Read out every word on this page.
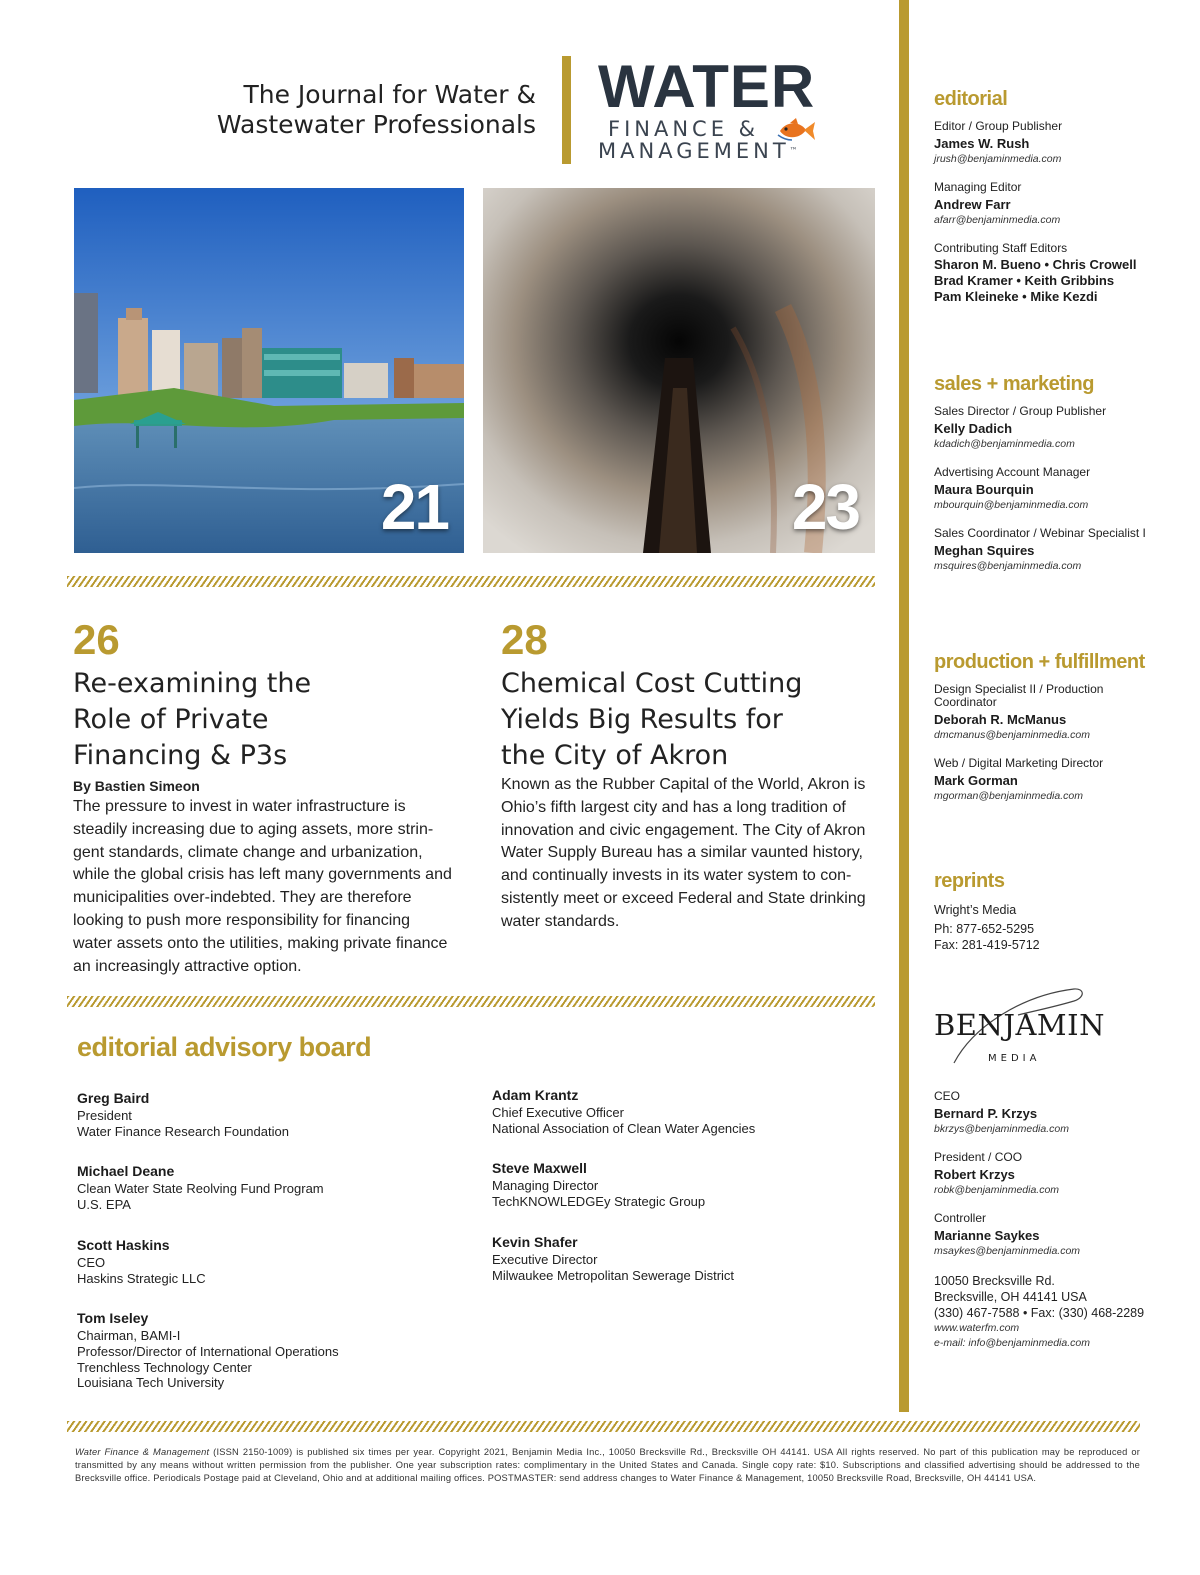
The Journal for Water &
Wastewater Professionals
WATER
FINANCE &
MANAGEMENT™
21	23
26
Re-examining the
Role of Private
Financing & P3s
By Bastien Simeon
The pressure to invest in water infrastructure is steadily increasing due to aging assets, more strin-gent standards, climate change and urbanization, while the global crisis has left many governments and municipalities over-indebted. They are therefore looking to push more responsibility for financing water assets onto the utilities, making private finance an increasingly attractive option.
28
Chemical Cost Cutting
Yields Big Results for
the City of Akron
Known as the Rubber Capital of the World, Akron is Ohio’s fifth largest city and has a long tradition of innovation and civic engagement. The City of Akron Water Supply Bureau has a similar vaunted history, and continually invests in its water system to con-sistently meet or exceed Federal and State drinking water standards.
editorial advisory board
Greg Baird
President
Water Finance Research Foundation
Michael Deane
Clean Water State Reolving Fund Program
U.S. EPA
Scott Haskins
CEO
Haskins Strategic LLC
Tom Iseley
Chairman, BAMI-I
Professor/Director of International Operations
Trenchless Technology Center
Louisiana Tech University
Adam Krantz
Chief Executive Officer
National Association of Clean Water Agencies
Steve Maxwell
Managing Director
TechKNOWLEDGEy Strategic Group
Kevin Shafer
Executive Director
Milwaukee Metropolitan Sewerage District
editorial
Editor / Group Publisher
James W. Rush
jrush@benjaminmedia.com
Managing Editor
Andrew Farr
afarr@benjaminmedia.com
Contributing Staff Editors
Sharon M. Bueno • Chris Crowell
Brad Kramer • Keith Gribbins
Pam Kleineke • Mike Kezdi
sales + marketing
Sales Director / Group Publisher
Kelly Dadich
kdadich@benjaminmedia.com
Advertising Account Manager
Maura Bourquin
mbourquin@benjaminmedia.com
Sales Coordinator / Webinar Specialist I
Meghan Squires
msquires@benjaminmedia.com
production + fulfillment
Design Specialist II / Production Coordinator
Deborah R. McManus
dmcmanus@benjaminmedia.com
Web / Digital Marketing Director
Mark Gorman
mgorman@benjaminmedia.com
reprints
Wright’s Media
Ph: 877-652-5295
Fax: 281-419-5712
BENJAMIN
MEDIA
CEO
Bernard P. Krzys
bkrzys@benjaminmedia.com
President / COO
Robert Krzys
robk@benjaminmedia.com
Controller
Marianne Saykes
msaykes@benjaminmedia.com
10050 Brecksville Rd.
Brecksville, OH 44141 USA
(330) 467-7588 • Fax: (330) 468-2289
www.waterfm.com
e-mail: info@benjaminmedia.com
Water Finance & Management (ISSN 2150-1009) is published six times per year. Copyright 2021, Benjamin Media Inc., 10050 Brecksville Rd., Brecksville OH 44141. USA All rights reserved. No part of this publication may be reproduced or transmitted by any means without written permission from the publisher. One year subscription rates: complimentary in the United States and Canada. Single copy rate: $10. Subscriptions and classified advertising should be addressed to the Brecksville office. Periodicals Postage paid at Cleveland, Ohio and at additional mailing offices. POSTMASTER: send address changes to Water Finance & Management, 10050 Brecksville Road, Brecksville, OH 44141 USA.
